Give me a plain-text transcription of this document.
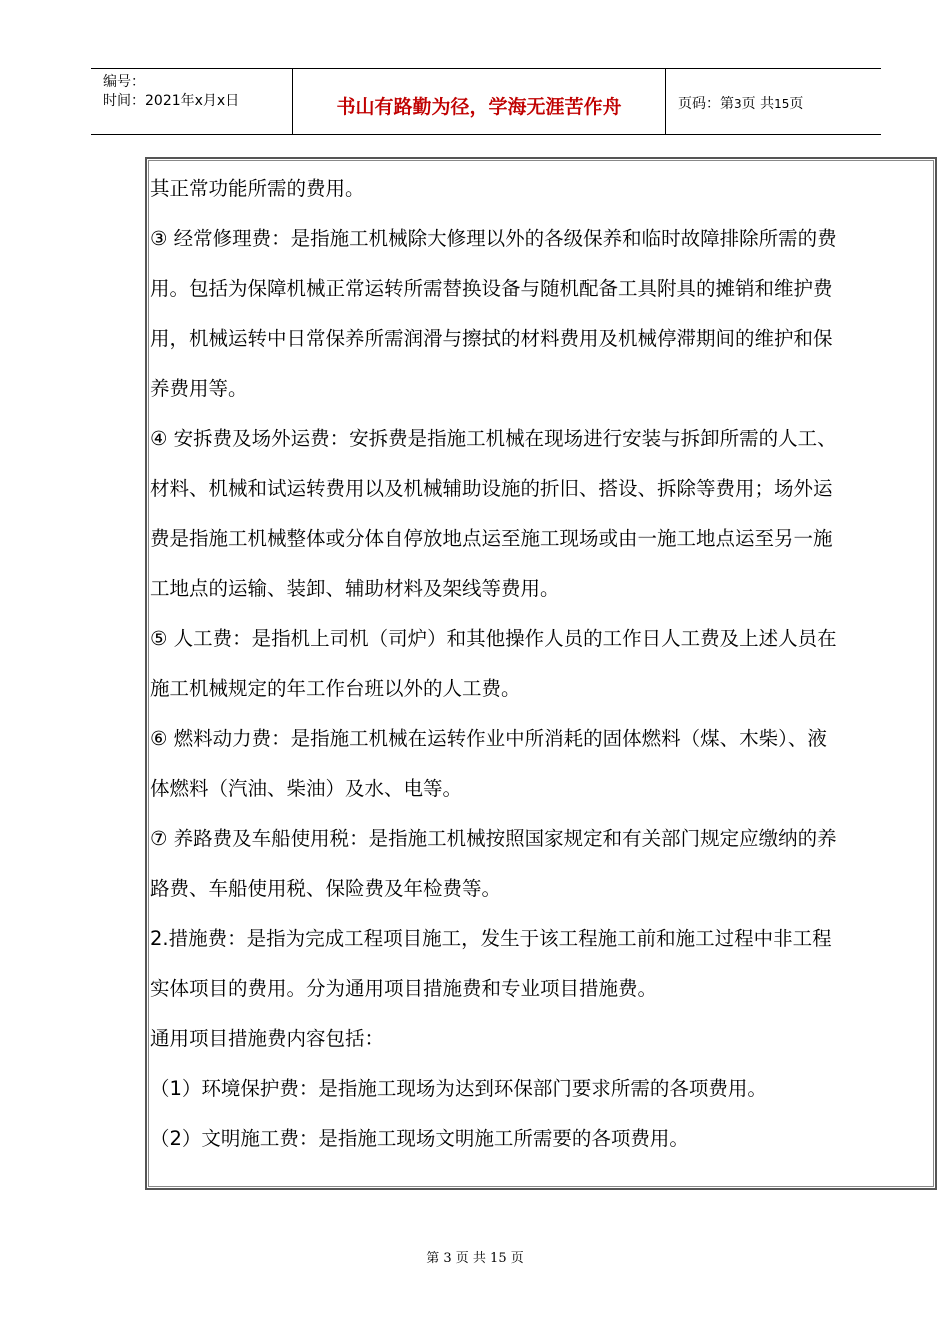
编号：
时间：2021年x月x日	书山有路勤为径，学海无涯苦作舟	页码：第3页 共15页
其正常功能所需的费用。
③ 经常修理费：是指施工机械除大修理以外的各级保养和临时故障排除所需的费
用。包括为保障机械正常运转所需替换设备与随机配备工具附具的摊销和维护费
用，机械运转中日常保养所需润滑与擦拭的材料费用及机械停滞期间的维护和保
养费用等。
④ 安拆费及场外运费：安拆费是指施工机械在现场进行安装与拆卸所需的人工、
材料、机械和试运转费用以及机械辅助设施的折旧、搭设、拆除等费用；场外运
费是指施工机械整体或分体自停放地点运至施工现场或由一施工地点运至另一施
工地点的运输、装卸、辅助材料及架线等费用。
⑤ 人工费：是指机上司机（司炉）和其他操作人员的工作日人工费及上述人员在
施工机械规定的年工作台班以外的人工费。
⑥ 燃料动力费：是指施工机械在运转作业中所消耗的固体燃料（煤、木柴）、液
体燃料（汽油、柴油）及水、电等。
⑦ 养路费及车船使用税：是指施工机械按照国家规定和有关部门规定应缴纳的养
路费、车船使用税、保险费及年检费等。
2.措施费：是指为完成工程项目施工，发生于该工程施工前和施工过程中非工程
实体项目的费用。分为通用项目措施费和专业项目措施费。
通用项目措施费内容包括：
（1）环境保护费：是指施工现场为达到环保部门要求所需的各项费用。
（2）文明施工费：是指施工现场文明施工所需要的各项费用。
第 3 页 共 15 页
